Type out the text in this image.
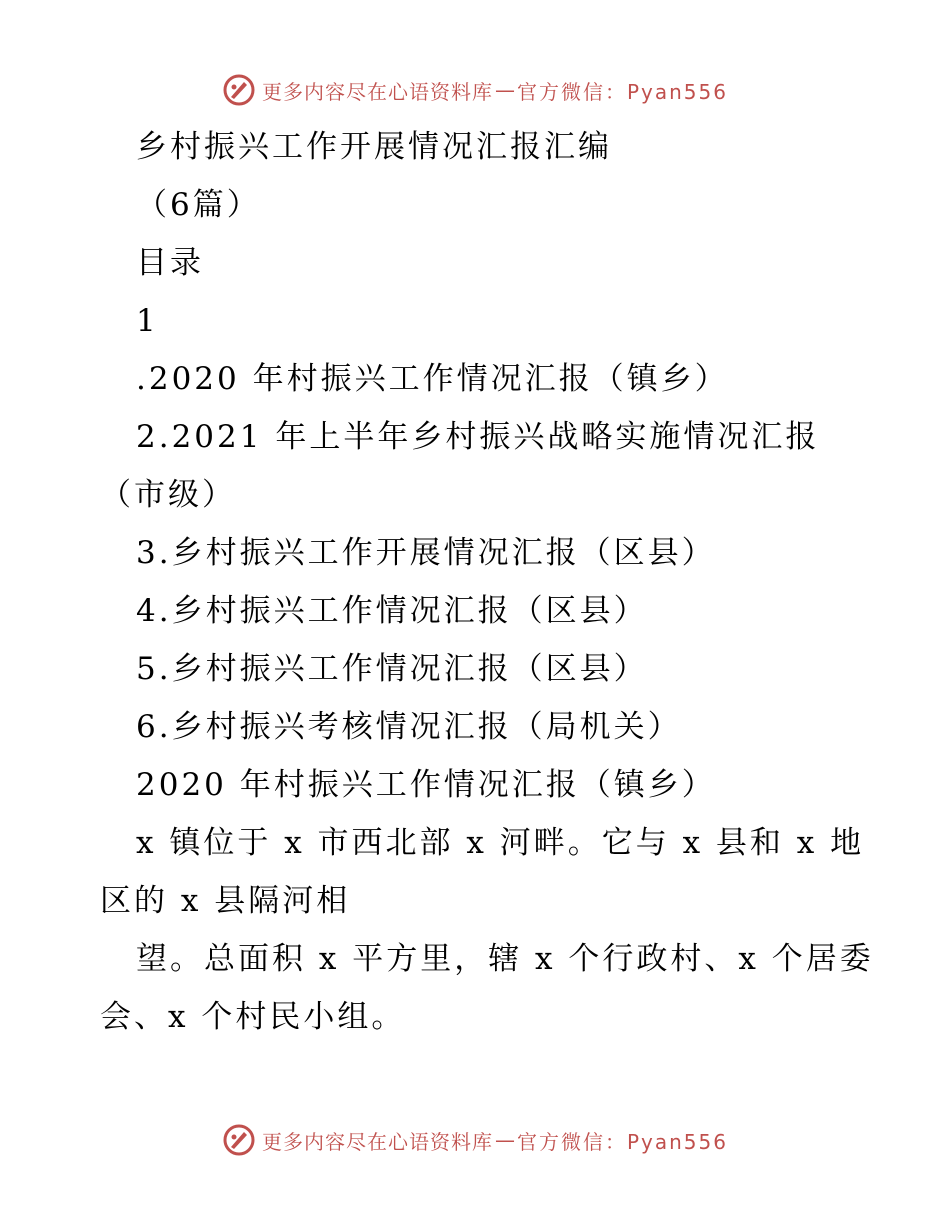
更多内容尽在心语资料库 — 官方微信：Pyan556
乡村振兴工作开展情况汇报汇编
（6篇）
目录
1
.2020 年村振兴工作情况汇报（镇乡）
2.2021 年上半年乡村振兴战略实施情况汇报
（市级）
3.乡村振兴工作开展情况汇报（区县）
4.乡村振兴工作情况汇报（区县）
5.乡村振兴工作情况汇报（区县）
6.乡村振兴考核情况汇报（局机关）
2020 年村振兴工作情况汇报（镇乡）
x 镇位于 x 市西北部 x 河畔。它与 x 县和 x 地
区的 x 县隔河相
望。总面积 x 平方里，辖 x 个行政村、x 个居委
会、x 个村民小组。
更多内容尽在心语资料库 — 官方微信：Pyan556
